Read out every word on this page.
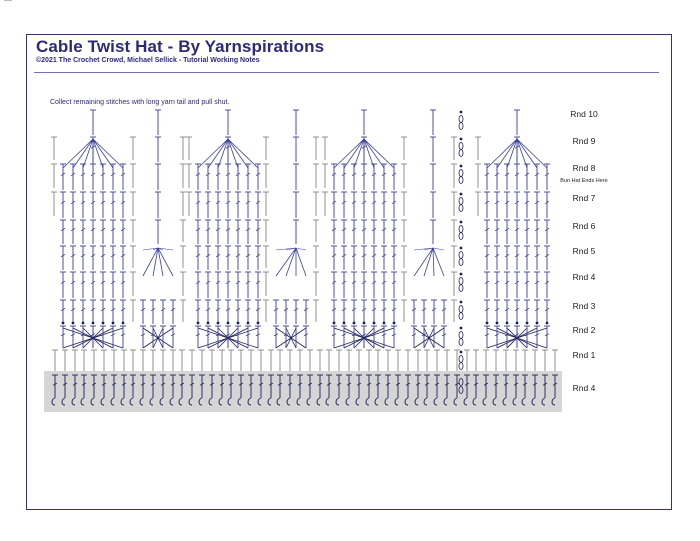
Cable Twist Hat - By Yarnspirations

©2021 The Crochet Crowd, Michael Sellick - Tutorial Working Notes

Collect remaining stitches with long yarn tail and pull shut.
Rnd 10
Rnd 9
Rnd 8
Rnd 7
Rnd 6
Rnd 5
Rnd 4
Rnd 3
Rnd 2
Rnd 1
Rnd 4
Bun Hat Ends Here
